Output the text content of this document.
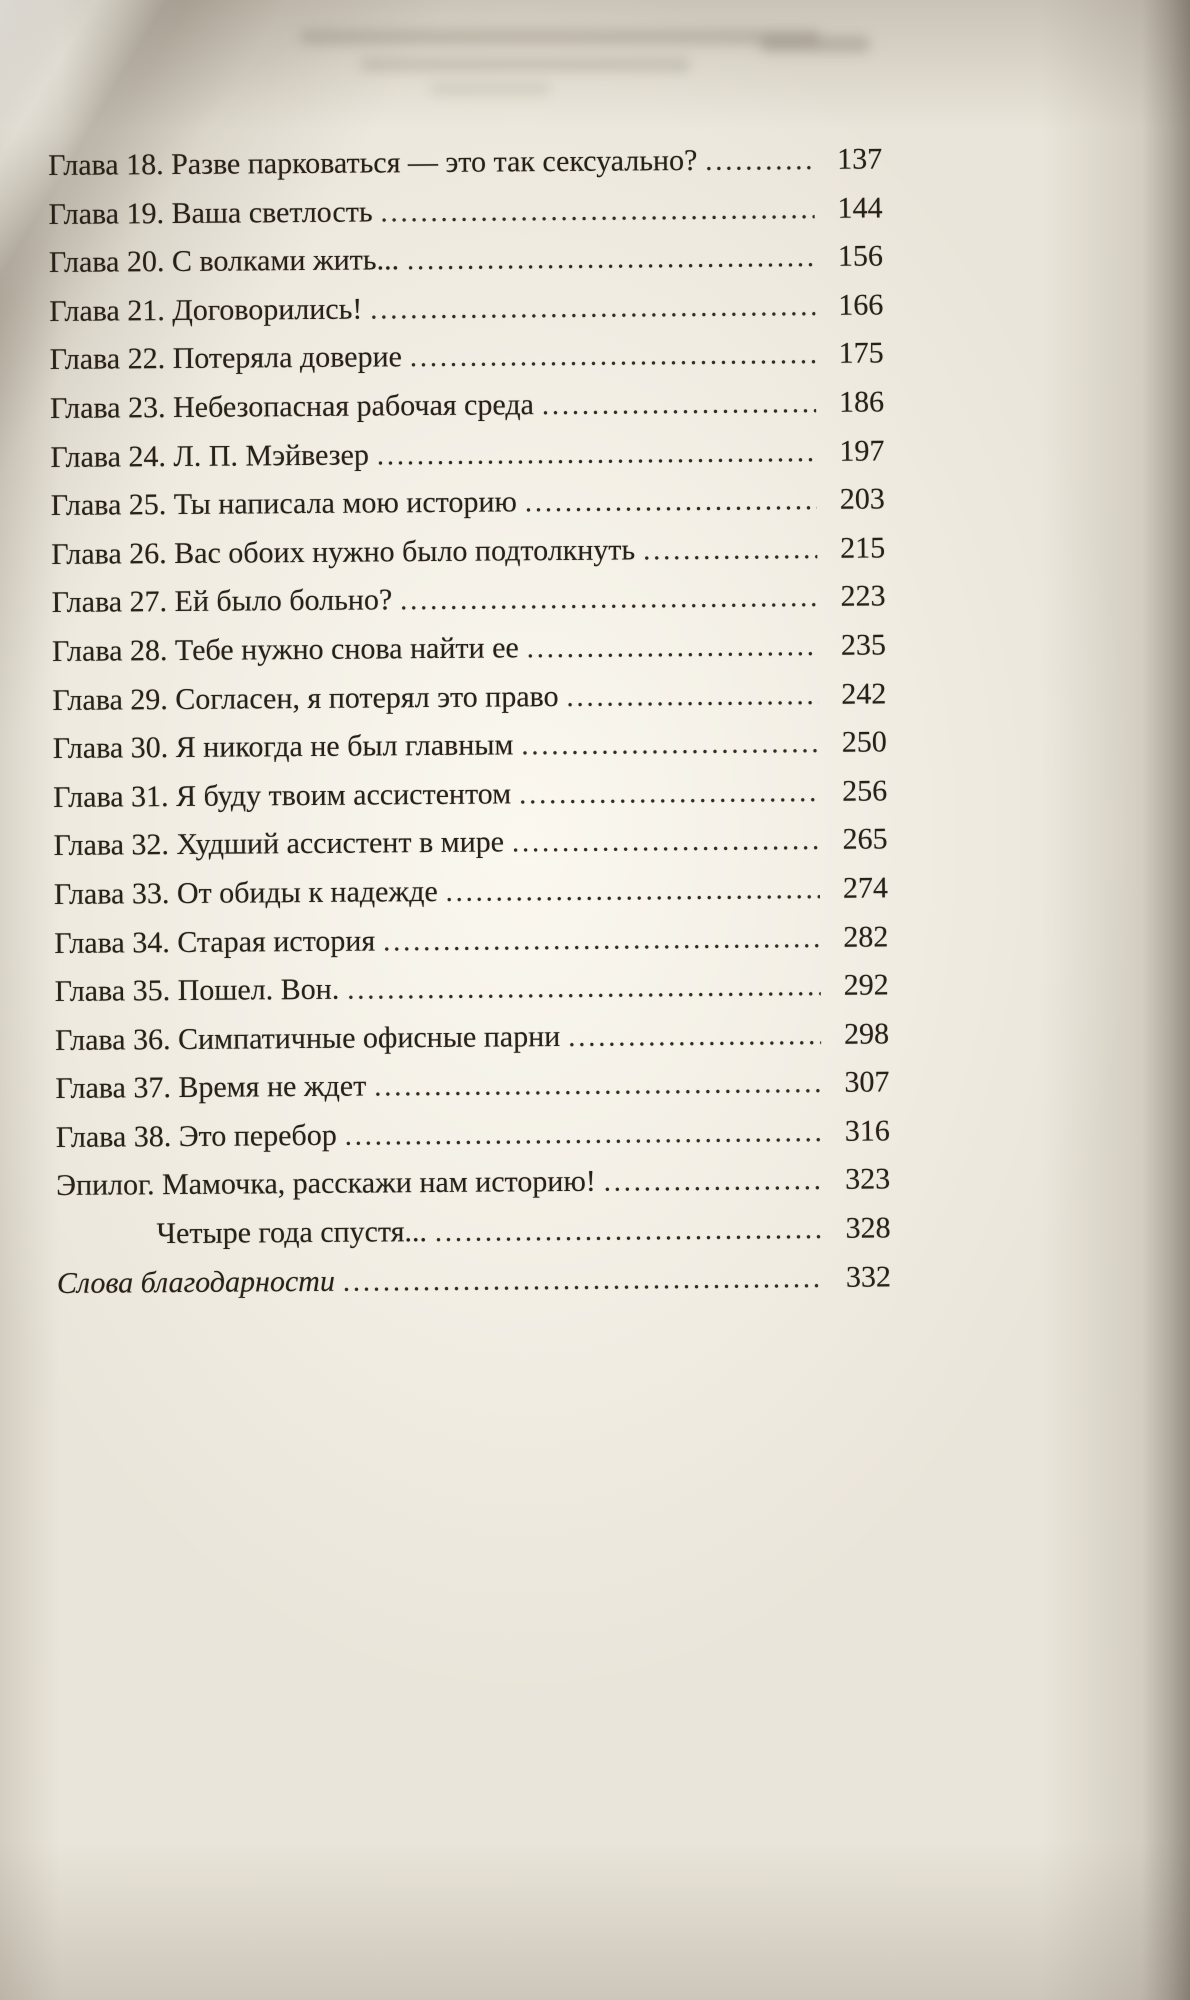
Глава 18. Разве парковаться — это так сексуально? .....	137
Глава 19. Ваша светлость .....	144
Глава 20. С волками жить... .....	156
Глава 21. Договорились! .....	166
Глава 22. Потеряла доверие .....	175
Глава 23. Небезопасная рабочая среда .....	186
Глава 24. Л. П. Мэйвезер .....	197
Глава 25. Ты написала мою историю .....	203
Глава 26. Вас обоих нужно было подтолкнуть .....	215
Глава 27. Ей было больно? .....	223
Глава 28. Тебе нужно снова найти ее .....	235
Глава 29. Согласен, я потерял это право .....	242
Глава 30. Я никогда не был главным .....	250
Глава 31. Я буду твоим ассистентом .....	256
Глава 32. Худший ассистент в мире .....	265
Глава 33. От обиды к надежде .....	274
Глава 34. Старая история .....	282
Глава 35. Пошел. Вон. .....	292
Глава 36. Симпатичные офисные парни .....	298
Глава 37. Время не ждет .....	307
Глава 38. Это перебор .....	316
Эпилог. Мамочка, расскажи нам историю! .....	323
Четыре года спустя... .....	328
Слова благодарности .....	332
